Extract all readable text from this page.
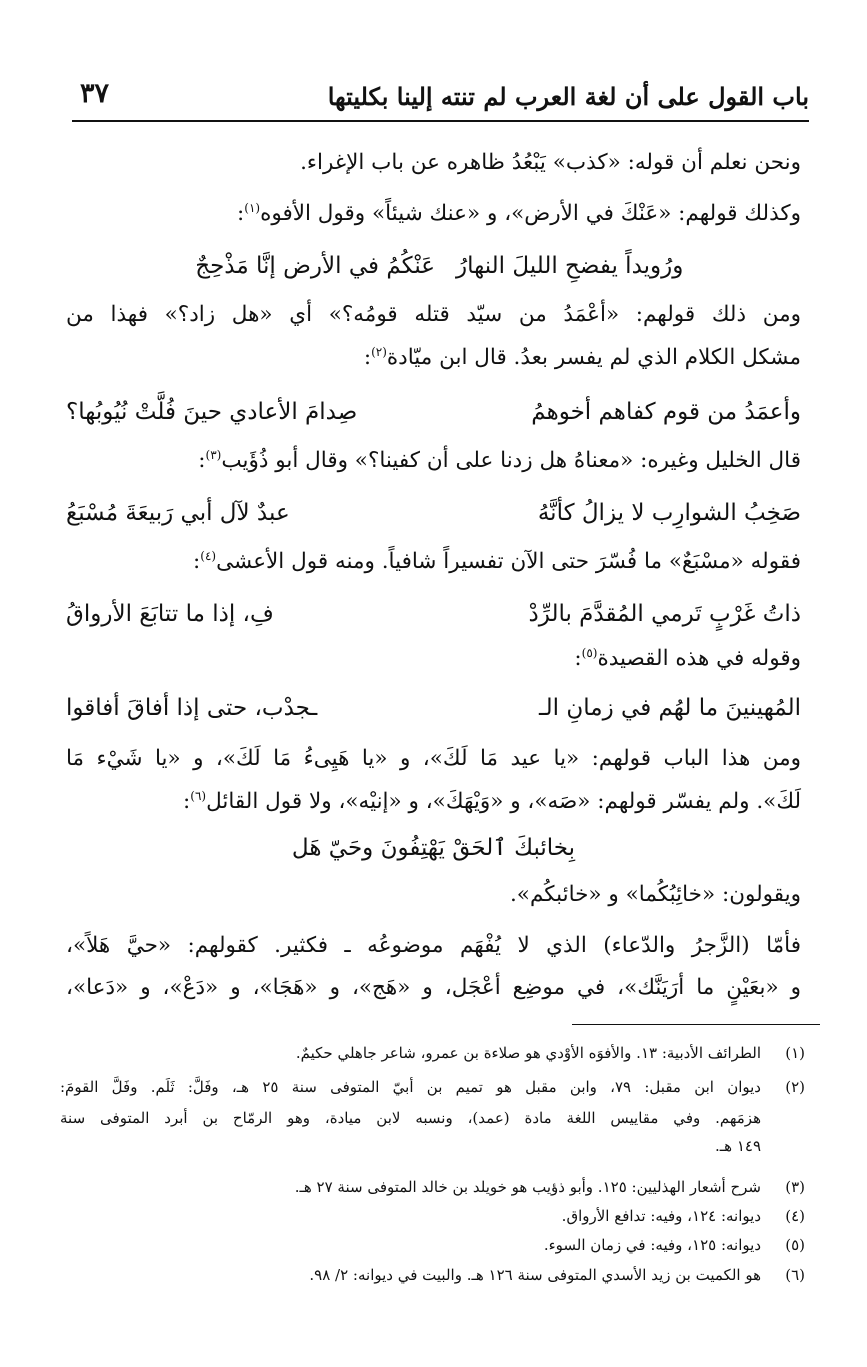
باب القول على أن لغة العرب لم تنته إلينا بكليتها
٣٧
ونحن نعلم أن قوله: «كذب» يَبْعُدُ ظاهره عن باب الإغراء.
وكذلك قولهم: «عَنْكَ في الأرض»، و «عنك شيئاً» وقول الأفوه$^{(١)}$:
عَنْكُمُ في الأرض إنَّا مَذْحِجٌ ورُويداً يفضحِ الليلَ النهارُ
ومن ذلك قولهم: «أعْمَدُ من سيّد قتله قومُه؟» أي «هل زاد؟» فهذا من
مشكل الكلام الذي لم يفسر بعدُ. قال ابن ميّادة$^{(٢)}$:
وأعمَدُ من قوم كفاهم أخوهمُ
صِدامَ الأعادي حينَ فُلَّتْ نُيُوبُها؟
قال الخليل وغيره: «معناهُ هل زدنا على أن كفينا؟» وقال أبو ذُؤَيب$^{(٣)}$:
صَخِبُ الشوارِب لا يزالُ كأنَّهُ
عبدٌ لآل أبي رَبيعَةَ مُسْبَعُ
فقوله «مسْبَعٌ» ما فُسّرَ حتى الآن تفسيراً شافياً. ومنه قول الأعشى$^{(٤)}$:
ذاتُ غَرْبٍ تَرمي المُقدَّمَ بالرِّدْ
فِ، إذا ما تتابَعَ الأرواقُ
وقوله في هذه القصيدة$^{(٥)}$:
المُهينينَ ما لهُم في زمانِ الـ
ـجدْب، حتى إذا أفاقَ أفاقوا
ومن هذا الباب قولهم: «يا عيد مَا لَكَ»، و «يا هَيِىءُ مَا لَكَ»، و «يا شَيْء مَا
لَكَ». ولم يفسّر قولهم: «صَه»، و «وَيْهَكَ»، و «إنيْه»، ولا قول القائل$^{(٦)}$:
بِخائبكَ ٱلحَقْ يَهْتِفُونَ وحَيّ هَل
ويقولون: «خائِبُكُما» و «خائبكُم».
فأمّا (الزَّجرُ والدّعاء) الذي لا يُفْهَم موضوعُه ـ فكثير. كقولهم: «حيَّ هَلاً»،
و «بعَيْنٍ ما أرَيَنَّك»، في موضِع أعْجَل، و «هَج»، و «هَجَا»، و «دَعْ»، و «دَعا»،
(١)
الطرائف الأدبية: ١٣. والأفوَه الأوْدي هو صلاءة بن عمرو، شاعر جاهلي حكيمٌ.
(٢)
ديوان ابن مقبل: ٧٩، وابن مقبل هو تميم بن أبيّ المتوفى سنة ٢٥ هـ، وفَلَّ: ثَلَم. وفَلَّ القومَ:
هزمَهم. وفي مقاييس اللغة مادة (عمد)، ونسبه لابن ميادة، وهو الرمّاح بن أبرد المتوفى سنة
١٤٩ هـ.
(٣)
شرح أشعار الهذليين: ١٢٥. وأبو ذؤيب هو خويلد بن خالد المتوفى سنة ٢٧ هـ.
(٤)
ديوانه: ١٢٤، وفيه: تدافع الأرواق.
(٥)
ديوانه: ١٢٥، وفيه: في زمان السوء.
(٦)
هو الكميت بن زيد الأسدي المتوفى سنة ١٢٦ هـ. والبيت في ديوانه: ٢/ ٩٨.
